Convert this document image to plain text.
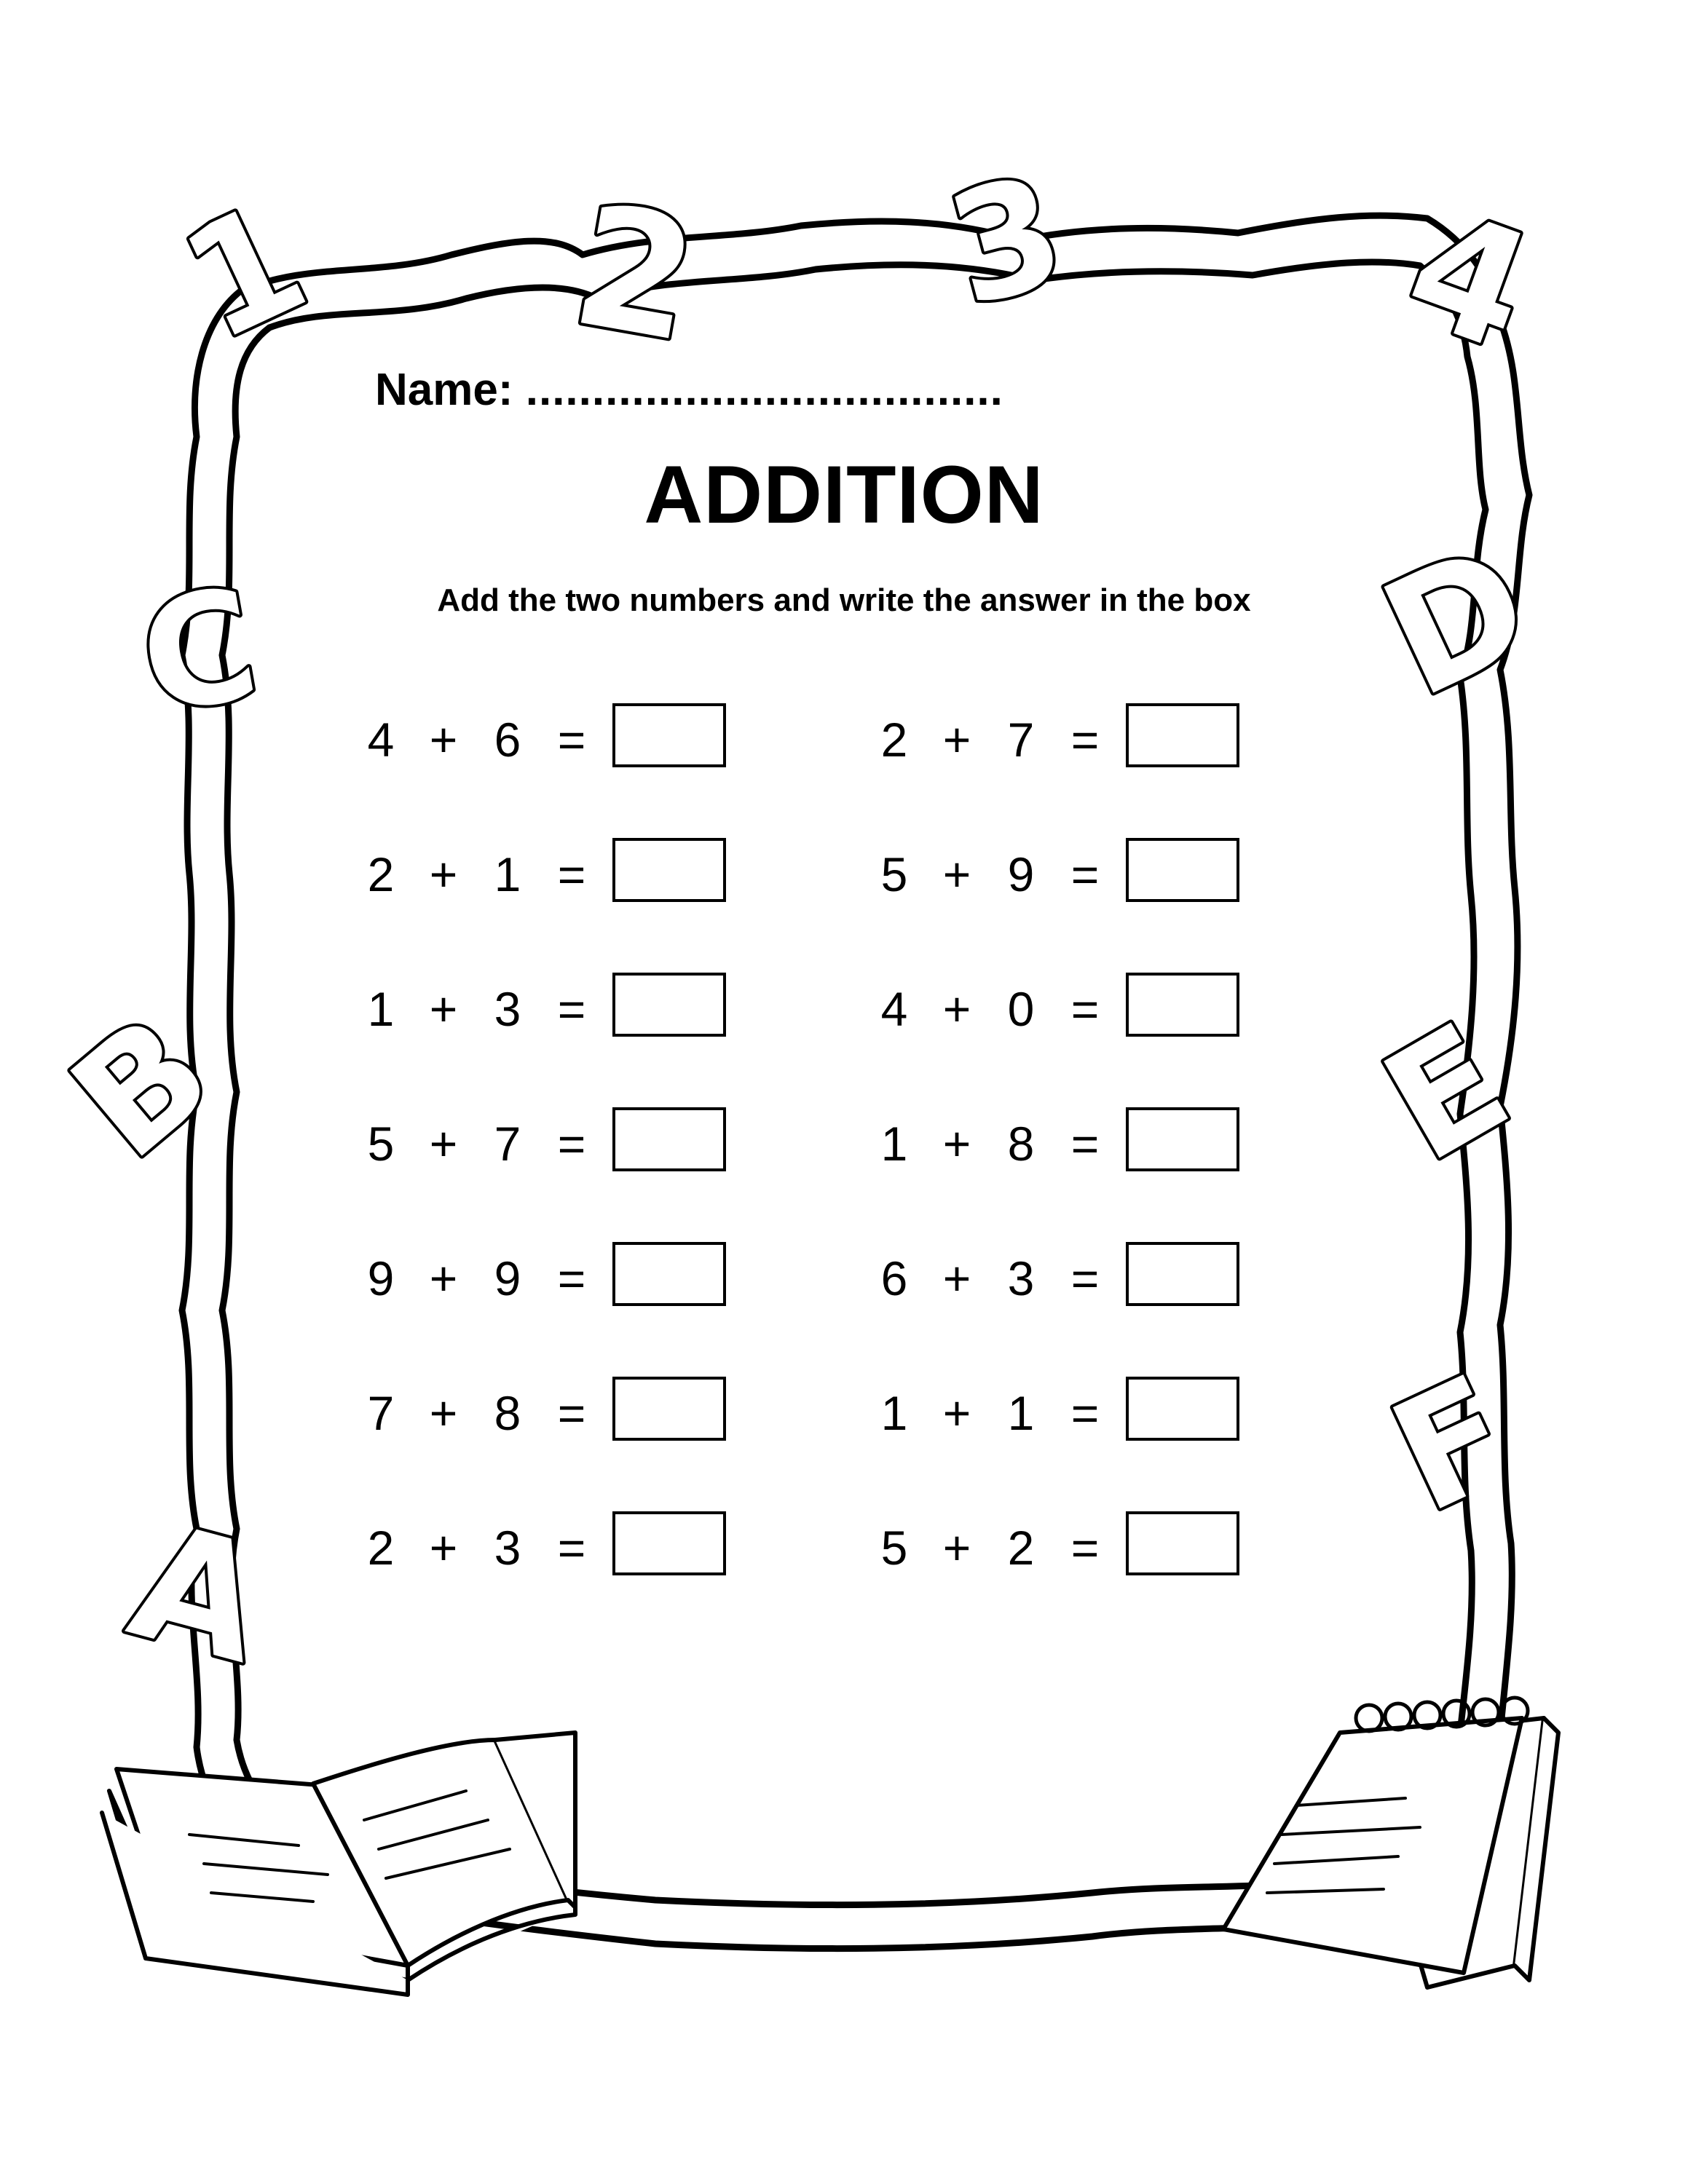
1 2 3 4
C	D
B	E
A
F
Name: ....................................
ADDITION
Add the two numbers and write the answer in the box
4 + 6 =	2 + 7 =
2 + 1 =	5 + 9 =
1 + 3 =	4 + 0 =
5 + 7 =	1 + 8 =
9 + 9 =	6 + 3 =
7 + 8 =	1 + 1 =
2 + 3 =	5 + 2 =
